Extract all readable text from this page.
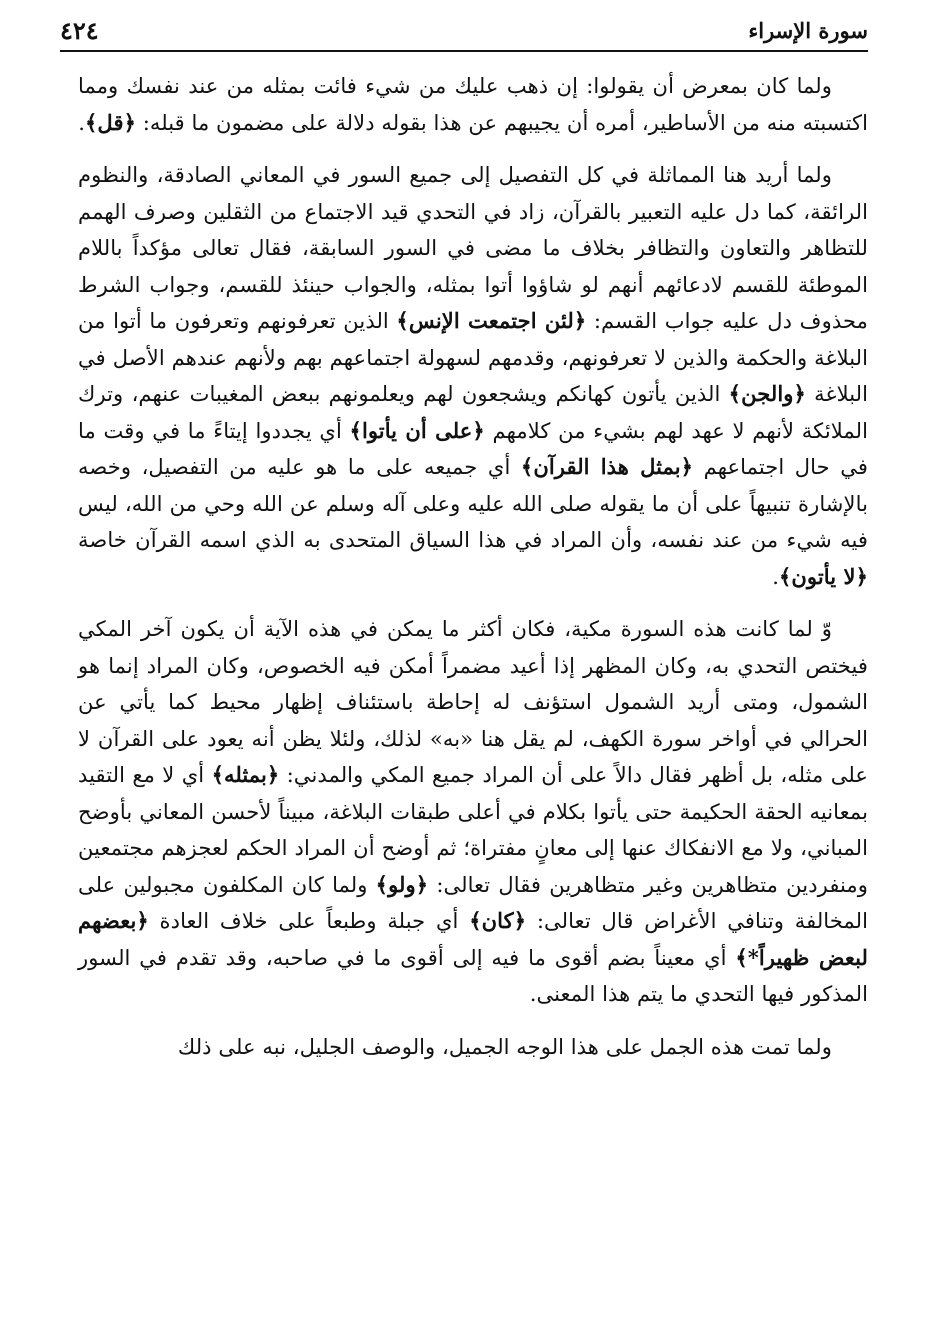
سورة الإسراء
٤٢٤

ولما كان بمعرض أن يقولوا: إن ذهب عليك من شيء فائت بمثله من عند نفسك ومما اكتسبته منه من الأساطير، أمره أن يجيبهم عن هذا بقوله دلالة على مضمون ما قبله: ﴿قل﴾.

ولما أريد هنا المماثلة في كل التفصيل إلى جميع السور في المعاني الصادقة، والنظوم الرائقة، كما دل عليه التعبير بالقرآن، زاد في التحدي قيد الاجتماع من الثقلين وصرف الهمم للتظاهر والتعاون والتظافر بخلاف ما مضى في السور السابقة، فقال تعالى مؤكداً باللام الموطئة للقسم لادعائهم أنهم لو شاؤوا أتوا بمثله، والجواب حينئذ للقسم، وجواب الشرط محذوف دل عليه جواب القسم: ﴿لئن اجتمعت الإنس﴾ الذين تعرفونهم وتعرفون ما أتوا من البلاغة والحكمة والذين لا تعرفونهم، وقدمهم لسهولة اجتماعهم بهم ولأنهم عندهم الأصل في البلاغة ﴿والجن﴾ الذين يأتون كهانكم ويشجعون لهم ويعلمونهم ببعض المغيبات عنهم، وترك الملائكة لأنهم لا عهد لهم بشيء من كلامهم ﴿على أن يأتوا﴾ أي يجددوا إيتاءً ما في وقت ما في حال اجتماعهم ﴿بمثل هذا القرآن﴾ أي جميعه على ما هو عليه من التفصيل، وخصه بالإشارة تنبيهاً على أن ما يقوله صلى الله عليه وعلى آله وسلم عن الله وحي من الله، ليس فيه شيء من عند نفسه، وأن المراد في هذا السياق المتحدى به الذي اسمه القرآن خاصة ﴿لا يأتون﴾.

وّ لما كانت هذه السورة مكية، فكان أكثر ما يمكن في هذه الآية أن يكون آخر المكي فيختص التحدي به، وكان المظهر إذا أعيد مضمراً أمكن فيه الخصوص، وكان المراد إنما هو الشمول، ومتى أريد الشمول استؤنف له إحاطة باستئناف إظهار محيط كما يأتي عن الحرالي في أواخر سورة الكهف، لم يقل هنا «به» لذلك، ولئلا يظن أنه يعود على القرآن لا على مثله، بل أظهر فقال دالاً على أن المراد جميع المكي والمدني: ﴿بمثله﴾ أي لا مع التقيد بمعانيه الحقة الحكيمة حتى يأتوا بكلام في أعلى طبقات البلاغة، مبيناً لأحسن المعاني بأوضح المباني، ولا مع الانفكاك عنها إلى معانٍ مفتراة؛ ثم أوضح أن المراد الحكم لعجزهم مجتمعين ومنفردين متظاهرين وغير متظاهرين فقال تعالى: ﴿ولو﴾ ولما كان المكلفون مجبولين على المخالفة وتنافي الأغراض قال تعالى: ﴿كان﴾ أي جبلة وطبعاً على خلاف العادة ﴿بعضهم لبعض ظهيراً*﴾ أي معيناً بضم أقوى ما فيه إلى أقوى ما في صاحبه، وقد تقدم في السور المذكور فيها التحدي ما يتم هذا المعنى.

ولما تمت هذه الجمل على هذا الوجه الجميل، والوصف الجليل، نبه على ذلك
